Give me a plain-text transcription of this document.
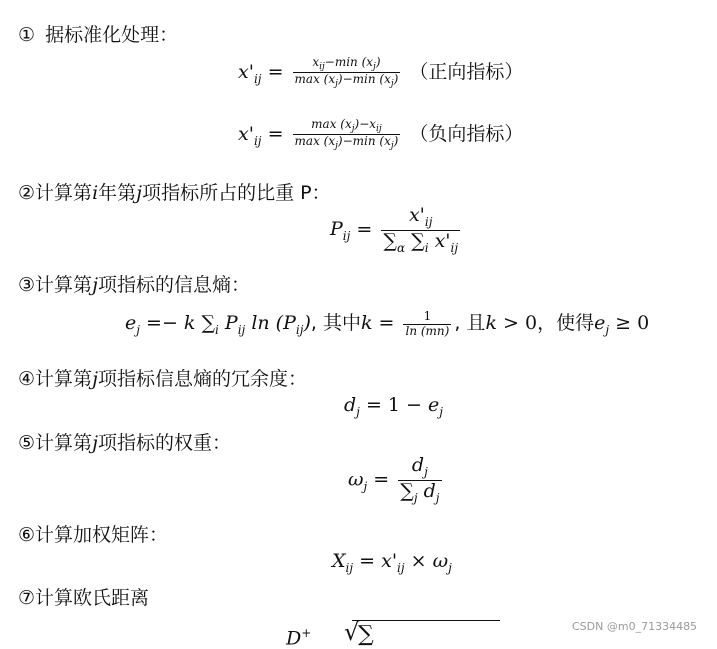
① 据标准化处理：
$x'_{ij} = \frac{x_{ij}-\min (x_j)}{\max (x_j)-\min (x_j)}$ （正向指标）
$x'_{ij} = \frac{\max (x_j)-x_{ij}}{\max (x_j)-\min (x_j)}$ （负向指标）
②计算第i年第j项指标所占的比重 P：
$P_{ij} = \frac{x'_{ij}}{\sum_\alpha \sum_i x'_{ij}}$
③计算第j项指标的信息熵：
$e_j =- k$ $\sum_i$ $P_{ij}$ $\ln (P_{ij})$, 其中$k = \frac{1}{\ln (mn)}$ , 且k > 0，使得$e_j \ge 0$
④计算第j项指标信息熵的冗余度：
$d_j = 1 - e_j$
⑤计算第j项指标的权重：
$\omega_j = \frac{d_j}{\sum_j d_j}$
⑥计算加权矩阵：
$X_{ij} = x'_{ij} \times \omega_j$
⑦计算欧氏距离
D+ √
∑	CSDN @m0_71334485
